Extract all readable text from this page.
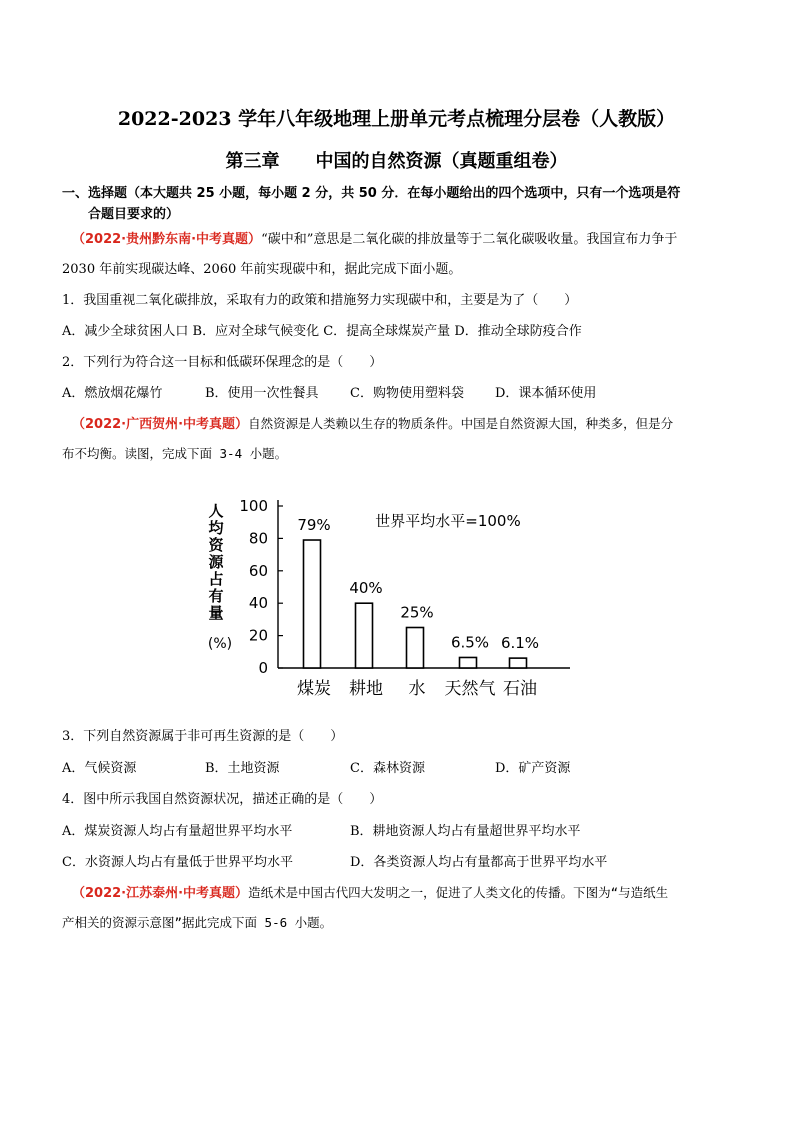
2022-2023 学年八年级地理上册单元考点梳理分层卷（人教版）
第三章　　中国的自然资源（真题重组卷）
一、选择题（本大题共 25 小题，每小题 2 分，共 50 分．在每小题给出的四个选项中，只有一个选项是符
合题目要求的）
（2022·贵州黔东南·中考真题）“碳中和”意思是二氧化碳的排放量等于二氧化碳吸收量。我国宣布力争于
2030 年前实现碳达峰、2060 年前实现碳中和，据此完成下面小题。
1．我国重视二氧化碳排放，采取有力的政策和措施努力实现碳中和，主要是为了（　　）
A．减少全球贫困人口 B．应对全球气候变化 C．提高全球煤炭产量 D．推动全球防疫合作
2．下列行为符合这一目标和低碳环保理念的是（　　）
A．燃放烟花爆竹	B．使用一次性餐具 C．购物使用塑料袋 D．课本循环使用
（2022·广西贺州·中考真题）自然资源是人类赖以生存的物质条件。中国是自然资源大国，种类多，但是分
布不均衡。读图，完成下面 3-4 小题。
100
80
60
40
20
0
人
均
资
源
占
有
量
(%)
世界平均水平=100%
79%
煤炭
40%
耕地
25%
水
6.5%
天然气
6.1%
石油
3．下列自然资源属于非可再生资源的是（　　）
A．气候资源	B．土地资源	C．森林资源	D．矿产资源
4．图中所示我国自然资源状况，描述正确的是（　　）
A．煤炭资源人均占有量超世界平均水平	B．耕地资源人均占有量超世界平均水平
C．水资源人均占有量低于世界平均水平	D．各类资源人均占有量都高于世界平均水平
（2022·江苏泰州·中考真题）造纸术是中国古代四大发明之一，促进了人类文化的传播。下图为“与造纸生
产相关的资源示意图”据此完成下面 5-6 小题。
